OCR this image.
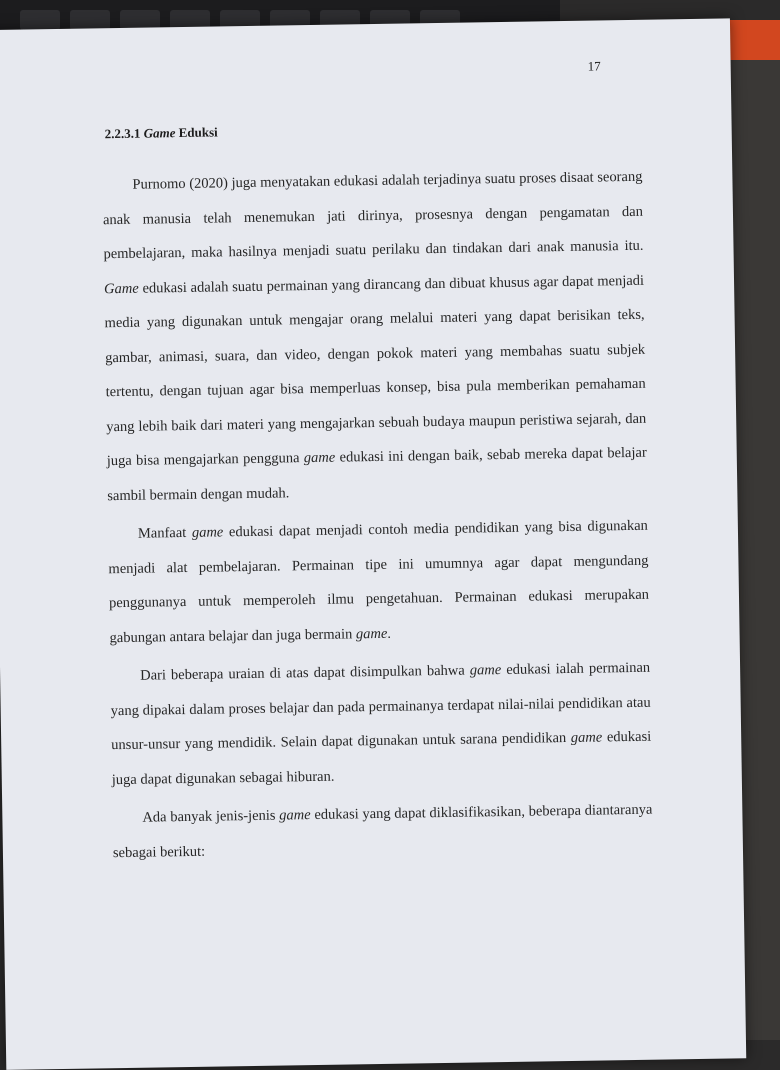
17
2.2.3.1 Game Eduksi

Purnomo (2020) juga menyatakan edukasi adalah terjadinya suatu proses disaat seorang anak manusia telah menemukan jati dirinya, prosesnya dengan pengamatan dan pembelajaran, maka hasilnya menjadi suatu perilaku dan tindakan dari anak manusia itu. Game edukasi adalah suatu permainan yang dirancang dan dibuat khusus agar dapat menjadi media yang digunakan untuk mengajar orang melalui materi yang dapat berisikan teks, gambar, animasi, suara, dan video, dengan pokok materi yang membahas suatu subjek tertentu, dengan tujuan agar bisa memperluas konsep, bisa pula memberikan pemahaman yang lebih baik dari materi yang mengajarkan sebuah budaya maupun peristiwa sejarah, dan juga bisa mengajarkan pengguna game edukasi ini dengan baik, sebab mereka dapat belajar sambil bermain dengan mudah.

Manfaat game edukasi dapat menjadi contoh media pendidikan yang bisa digunakan menjadi alat pembelajaran. Permainan tipe ini umumnya agar dapat mengundang penggunanya untuk memperoleh ilmu pengetahuan. Permainan edukasi merupakan gabungan antara belajar dan juga bermain game.

Dari beberapa uraian di atas dapat disimpulkan bahwa game edukasi ialah permainan yang dipakai dalam proses belajar dan pada permainanya terdapat nilai-nilai pendidikan atau unsur-unsur yang mendidik. Selain dapat digunakan untuk sarana pendidikan game edukasi juga dapat digunakan sebagai hiburan.

Ada banyak jenis-jenis game edukasi yang dapat diklasifikasikan, beberapa diantaranya sebagai berikut:
